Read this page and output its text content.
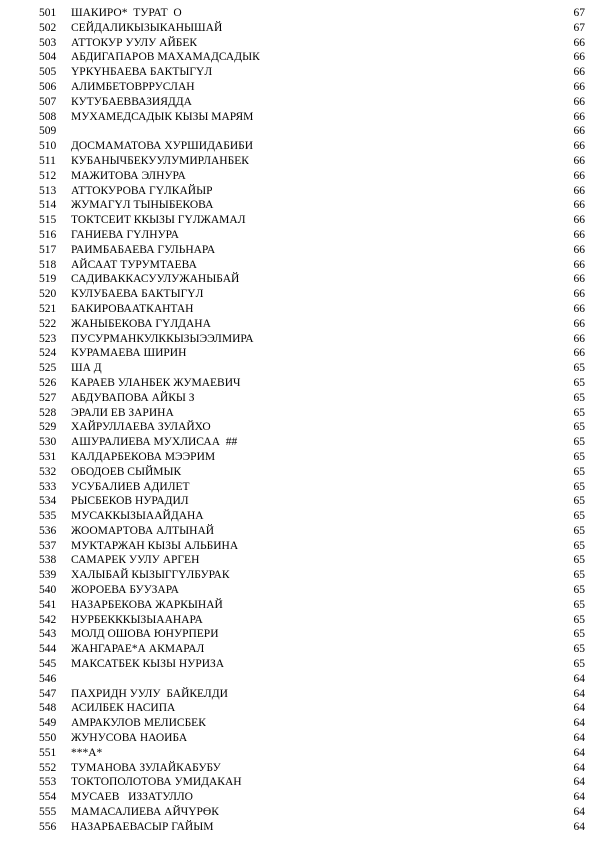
501 ШАКИРО*  ТУРАТ  О	67
502 СЕЙДАЛИКЫЗЫКАНЫШАЙ	67
503 АТТОКУР УУЛУ АЙБЕК	66
504 АБДИГАПАРОВ МАХАМАДСАДЫК	66
505 ҮРКҮНБАЕВА БАКТЫГҮЛ	66
506 АЛИМБЕТОВРРУСЛАН	66
507 КУТУБАЕВВАЗИЯДДА	66
508 МУХАМЕДСАДЫК КЫЗЫ МАРЯМ	66
509	66
510 ДОСМАМАТОВА ХУРШИДАБИБИ	66
511 КУБАНЫЧБЕКУУЛУМИРЛАНБЕК	66
512 МАЖИТОВА ЭЛНУРА	66
513 АТТОКУРОВА ГҮЛКАЙЫР	66
514 ЖУМАГҮЛ ТЫНЫБЕКОВА	66
515 ТОКТСЕИТ ККЫЗЫ ГҮЛЖАМАЛ	66
516 ГАНИЕВА ГҮЛНУРА	66
517 РАИМБАБАЕВА ГУЛЬНАРА	66
518 АЙСААТ ТУРУМТАЕВА	66
519 САДИВАККАСУУЛУЖАНЫБАЙ	66
520 КУЛУБАЕВА БАКТЫГҮЛ	66
521 БАКИРОВААТКАНТАН	66
522 ЖАНЫБЕКОВА ГҮЛДАНА	66
523 ПУСУРМАНКУЛККЫЗЫЭЭЛМИРА	66
524 КУРАМАЕВА ШИРИН	66
525 ША Д	65
526 КАРАЕВ УЛАНБЕК ЖУМАЕВИЧ	65
527 АБДУВАПОВА АЙКЫ З	65
528 ЭРАЛИ ЕВ ЗАРИНА	65
529 ХАЙРУЛЛАЕВА ЗУЛАЙХО	65
530 АШУРАЛИЕВА МУХЛИСАА  ##	65
531 КАЛДАРБЕКОВА МЭЭРИМ	65
532 ОБОДОЕВ СЫЙМЫК	65
533 УСУБАЛИЕВ АДИЛЕТ	65
534 РЫСБЕКОВ НУРАДИЛ	65
535 МУСАККЫЗЫААЙДАНА	65
536 ЖООМАРТОВА АЛТЫНАЙ	65
537 МУКТАРЖАН КЫЗЫ АЛЬБИНА	65
538 САМАРЕК УУЛУ АРГЕН	65
539 ХАЛЫБАЙ КЫЗЫГГҮЛБУРАК	65
540 ЖОРОЕВА БУУЗАРА	65
541 НАЗАРБЕКОВА ЖАРКЫНАЙ	65
542 НУРБЕКККЫЗЫААНАРА	65
543 МОЛД ОШОВА ЮНУРПЕРИ	65
544 ЖАНГАРАЕ*А АКМАРАЛ	65
545 МАКСАТБЕК КЫЗЫ НУРИЗА	65
546	64
547 ПАХРИДН УУЛУ  БАЙКЕЛДИ	64
548 АСИЛБЕК НАСИПА	64
549 АМРАКУЛОВ МЕЛИСБЕК	64
550 ЖУНУСОВА НАОИБА	64
551 ***А*	64
552 ТУМАНОВА ЗУЛАЙКАБУБУ	64
553 ТОКТОПОЛОТОВА УМИДАКАН	64
554 МУСАЕВ   ИЗЗАТУЛЛО	64
555 МАМАСАЛИЕВА АЙЧҮРӨК	64
556 НАЗАРБАЕВАСЫР ГАЙЫМ	64
